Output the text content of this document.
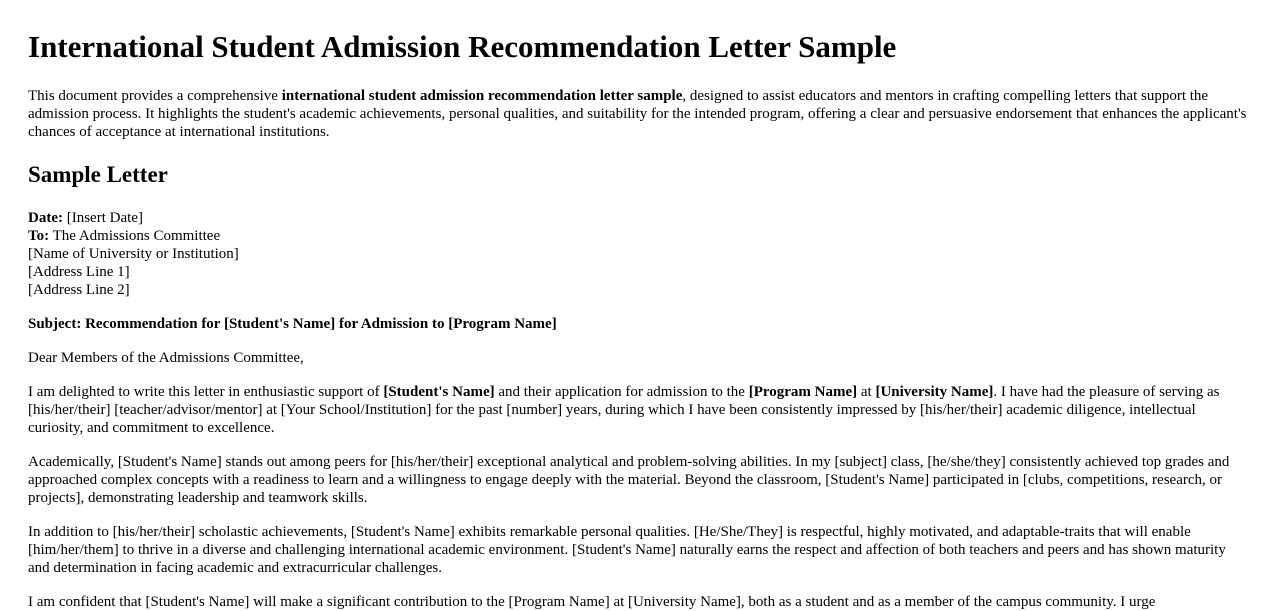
International Student Admission Recommendation Letter Sample

This document provides a comprehensive international student admission recommendation letter sample, designed to assist educators and mentors in crafting compelling letters that support the admission process. It highlights the student's academic achievements, personal qualities, and suitability for the intended program, offering a clear and persuasive endorsement that enhances the applicant's chances of acceptance at international institutions.

Sample Letter
Date: [Insert Date]
To: The Admissions Committee
[Name of University or Institution]
[Address Line 1]
[Address Line 2]

Subject: Recommendation for [Student's Name] for Admission to [Program Name]

Dear Members of the Admissions Committee,

I am delighted to write this letter in enthusiastic support of [Student's Name] and their application for admission to the [Program Name] at [University Name]. I have had the pleasure of serving as [his/her/their] [teacher/advisor/mentor] at [Your School/Institution] for the past [number] years, during which I have been consistently impressed by [his/her/their] academic diligence, intellectual curiosity, and commitment to excellence.

Academically, [Student's Name] stands out among peers for [his/her/their] exceptional analytical and problem-solving abilities. In my [subject] class, [he/she/they] consistently achieved top grades and approached complex concepts with a readiness to learn and a willingness to engage deeply with the material. Beyond the classroom, [Student's Name] participated in [clubs, competitions, research, or projects], demonstrating leadership and teamwork skills.

In addition to [his/her/their] scholastic achievements, [Student's Name] exhibits remarkable personal qualities. [He/She/They] is respectful, highly motivated, and adaptable-traits that will enable [him/her/them] to thrive in a diverse and challenging international academic environment. [Student's Name] naturally earns the respect and affection of both teachers and peers and has shown maturity and determination in facing academic and extracurricular challenges.

I am confident that [Student's Name] will make a significant contribution to the [Program Name] at [University Name], both as a student and as a member of the campus community. I urge
